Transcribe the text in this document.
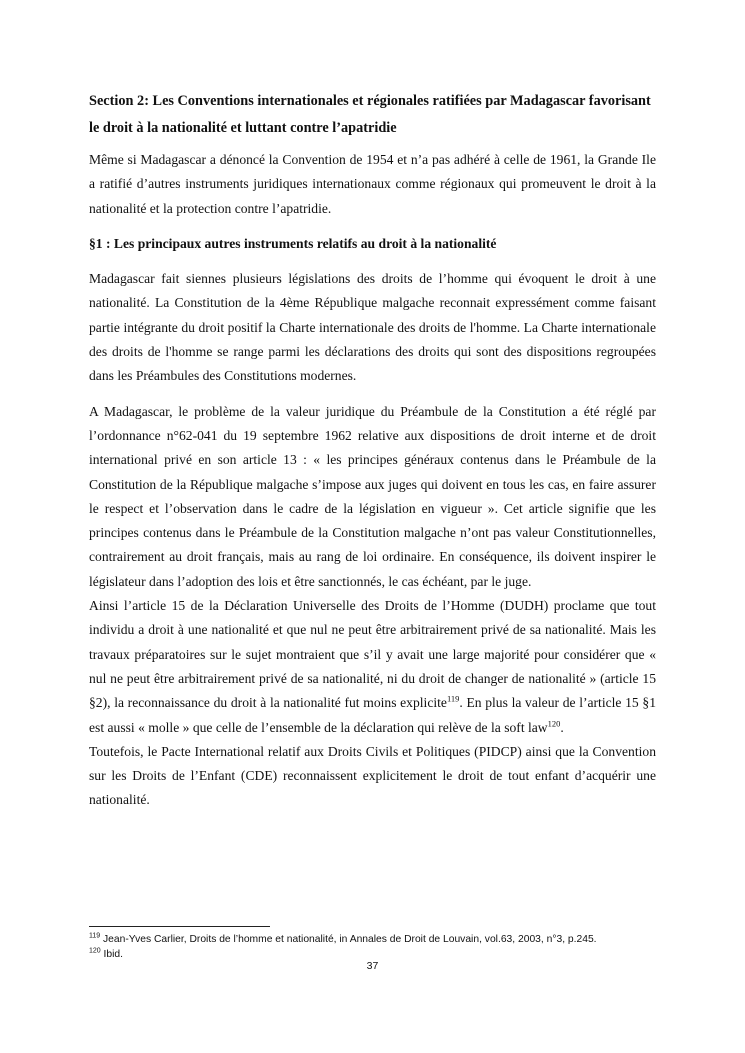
Section 2: Les Conventions internationales et régionales ratifiées par Madagascar favorisant le droit à la nationalité et luttant contre l’apatridie

Même si Madagascar a dénoncé la Convention de 1954 et n’a pas adhéré à celle de 1961, la Grande Ile a ratifié d’autres instruments juridiques internationaux comme régionaux qui promeuvent le droit à la nationalité et la protection contre l’apatridie.

§1 : Les principaux autres instruments relatifs au droit à la nationalité

Madagascar fait siennes plusieurs législations des droits de l’homme qui évoquent le droit à une nationalité. La Constitution de la 4ème République malgache reconnait expressément comme faisant partie intégrante du droit positif la Charte internationale des droits de l'homme. La Charte internationale des droits de l'homme se range parmi les déclarations des droits qui sont des dispositions regroupées dans les Préambules des Constitutions modernes.

A Madagascar, le problème de la valeur juridique du Préambule de la Constitution a été réglé par l’ordonnance n°62-041 du 19 septembre 1962 relative aux dispositions de droit interne et de droit international privé en son article 13 : « les principes généraux contenus dans le Préambule de la Constitution de la République malgache s’impose aux juges qui doivent en tous les cas, en faire assurer le respect et l’observation dans le cadre de la législation en vigueur ». Cet article signifie que les principes contenus dans le Préambule de la Constitution malgache n’ont pas valeur Constitutionnelles, contrairement au droit français, mais au rang de loi ordinaire. En conséquence, ils doivent inspirer le législateur dans l’adoption des lois et être sanctionnés, le cas échéant, par le juge.

Ainsi l’article 15 de la Déclaration Universelle des Droits de l’Homme (DUDH) proclame que tout individu a droit à une nationalité et que nul ne peut être arbitrairement privé de sa nationalité. Mais les travaux préparatoires sur le sujet montraient que s’il y avait une large majorité pour considérer que « nul ne peut être arbitrairement privé de sa nationalité, ni du droit de changer de nationalité » (article 15 §2), la reconnaissance du droit à la nationalité fut moins explicite$^{119}$. En plus la valeur de l’article 15 §1 est aussi « molle » que celle de l’ensemble de la déclaration qui relève de la soft law$^{120}$.

Toutefois, le Pacte International relatif aux Droits Civils et Politiques (PIDCP) ainsi que la Convention sur les Droits de l’Enfant (CDE) reconnaissent explicitement le droit de tout enfant d’acquérir une nationalité.

$^{119}$ Jean-Yves Carlier, Droits de l’homme et nationalité, in Annales de Droit de Louvain, vol.63, 2003, n°3, p.245.
$^{120}$ Ibid.
37
